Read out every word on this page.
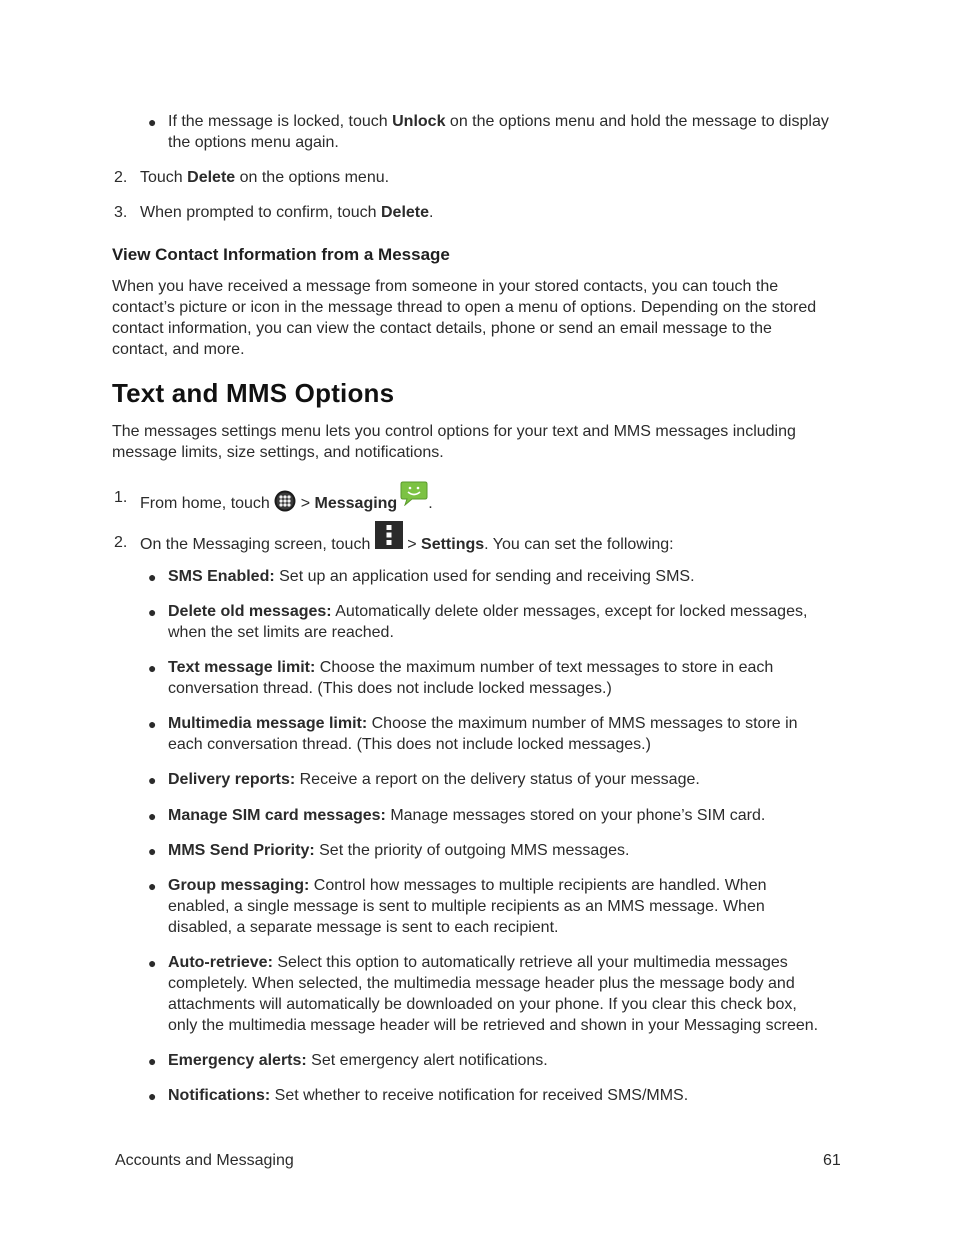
● If the message is locked, touch Unlock on the options menu and hold the message to display
the options menu again.
2. Touch Delete on the options menu.
3. When prompted to confirm, touch Delete.
View Contact Information from a Message
When you have received a message from someone in your stored contacts, you can touch the
contact’s picture or icon in the message thread to open a menu of options. Depending on the stored
contact information, you can view the contact details, phone or send an email message to the
contact, and more.
Text and MMS Options
The messages settings menu lets you control options for your text and MMS messages including
message limits, size settings, and notifications.
1. From home, touch  > Messaging .
2. On the Messaging screen, touch  > Settings. You can set the following:
● SMS Enabled: Set up an application used for sending and receiving SMS.
● Delete old messages: Automatically delete older messages, except for locked messages,
when the set limits are reached.
● Text message limit: Choose the maximum number of text messages to store in each
conversation thread. (This does not include locked messages.)
● Multimedia message limit: Choose the maximum number of MMS messages to store in
each conversation thread. (This does not include locked messages.)
● Delivery reports: Receive a report on the delivery status of your message.
● Manage SIM card messages: Manage messages stored on your phone’s SIM card.
● MMS Send Priority: Set the priority of outgoing MMS messages.
● Group messaging: Control how messages to multiple recipients are handled. When
enabled, a single message is sent to multiple recipients as an MMS message. When
disabled, a separate message is sent to each recipient.
● Auto-retrieve: Select this option to automatically retrieve all your multimedia messages
completely. When selected, the multimedia message header plus the message body and
attachments will automatically be downloaded on your phone. If you clear this check box,
only the multimedia message header will be retrieved and shown in your Messaging screen.
● Emergency alerts: Set emergency alert notifications.
● Notifications: Set whether to receive notification for received SMS/MMS.
Accounts and Messaging	61
